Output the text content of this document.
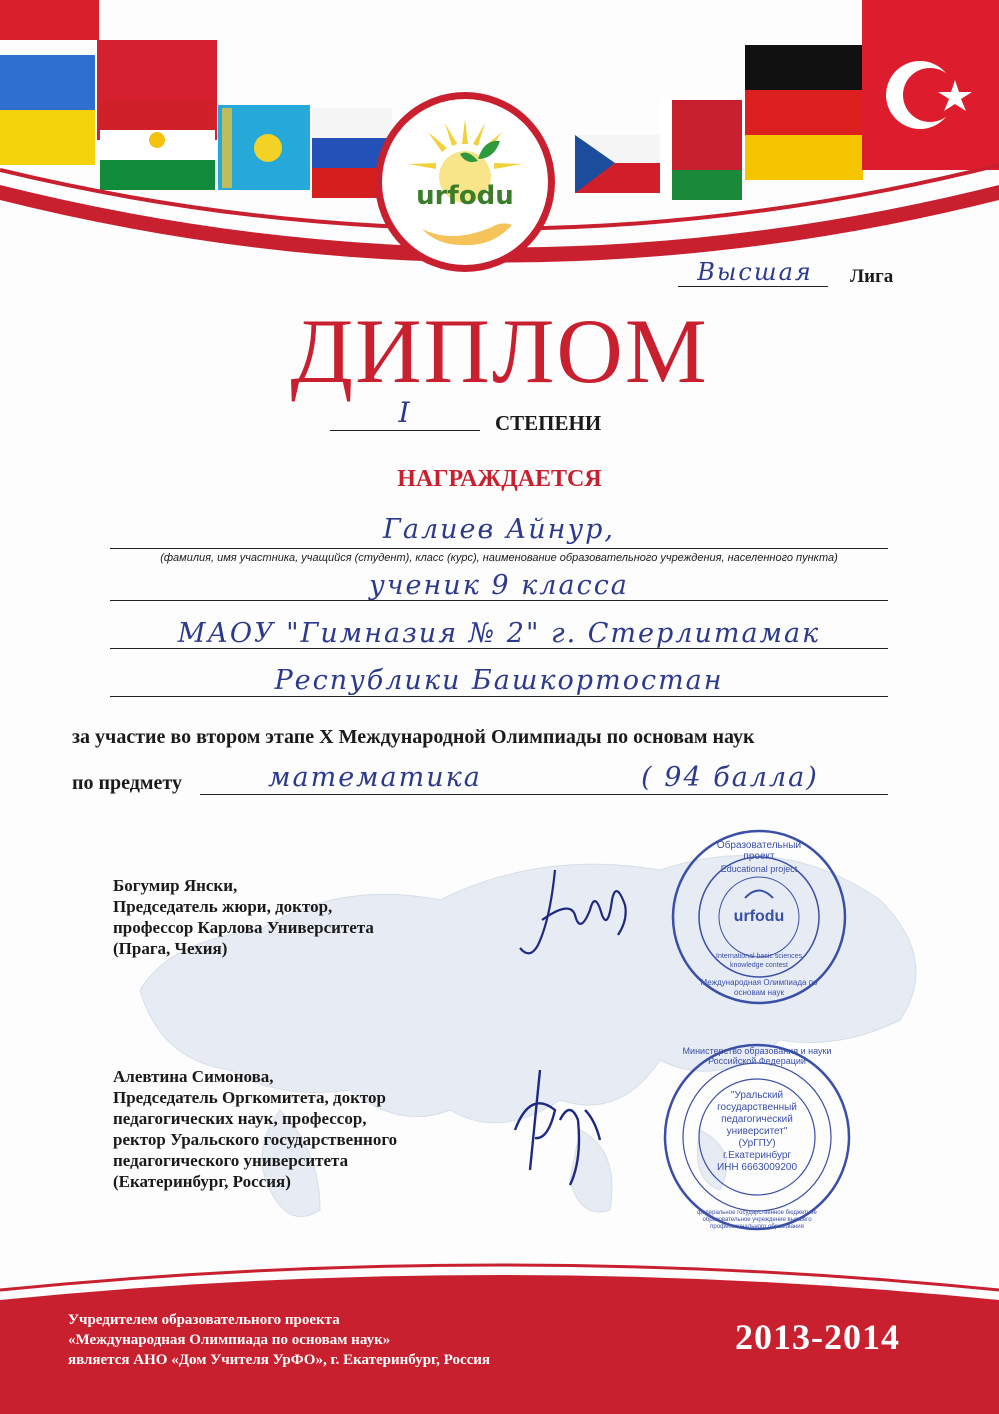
urfodu
Высшая	Лига
ДИПЛОМ
I	СТЕПЕНИ
НАГРАЖДАЕТСЯ
Галиев Айнур,
(фамилия, имя участника, учащийся (студент), класс (курс), наименование образовательного учреждения, населенного пункта)
ученик 9 класса
МАОУ "Гимназия № 2" г. Стерлитамак
Республики Башкортостан
за участие во втором этапе X Международной Олимпиады по основам наук
по предмету	математика	( 94 балла)
Богумир Янски,
Председатель жюри, доктор,
профессор Карлова Университета
(Прага, Чехия)
Алевтина Симонова,
Председатель Оргкомитета, доктор
педагогических наук, профессор,
ректор Уральского государственного
педагогического университета
(Екатеринбург, Россия)
Образовательный проект
Educational project
urfodu
International basic sciences knowledge contest
Международная Олимпиада по основам наук
Министерство образования и науки Российской Федерации
федеральное государственное бюджетное образовательное учреждение высшего профессионального образования
"Уральский
государственный
педагогический
университет"
(УрГПУ)
г.Екатеринбург
ИНН 6663009200
Учредителем образовательного проекта
«Международная Олимпиада по основам наук»
является АНО «Дом Учителя УрФО», г. Екатеринбург, Россия
2013-2014
